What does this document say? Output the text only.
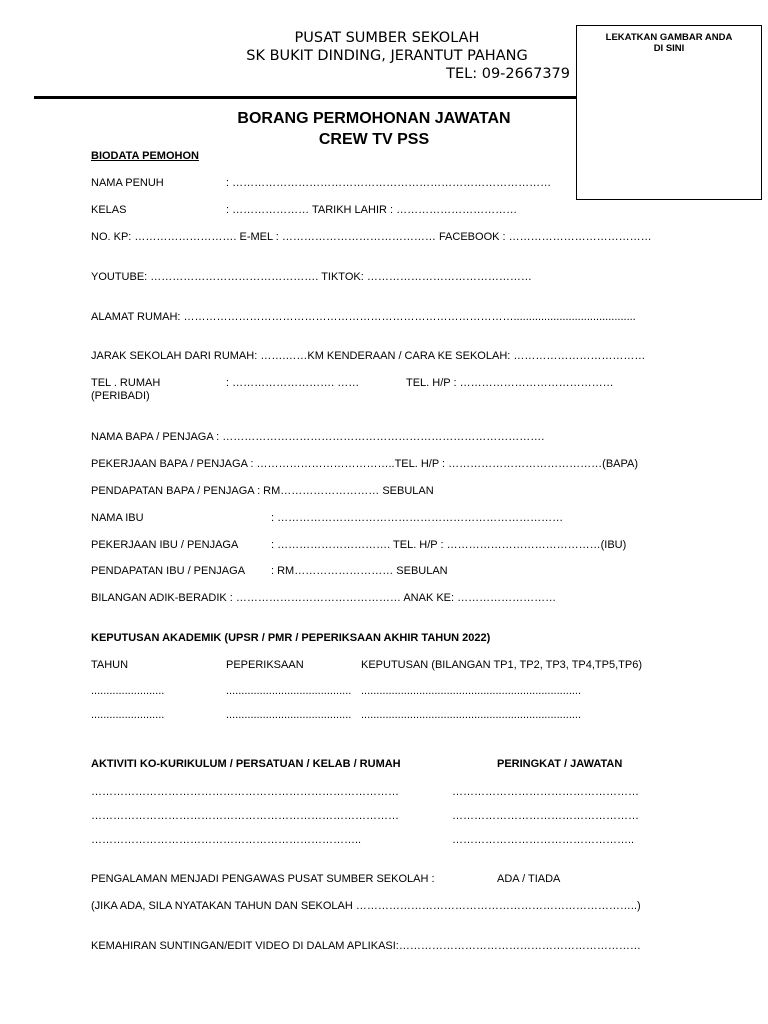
PUSAT SUMBER SEKOLAH
SK BUKIT DINDING, JERANTUT PAHANG
TEL: 09-2667379
LEKATKAN GAMBAR ANDA
DI SINI
BORANG PERMOHONAN JAWATAN
CREW TV PSS
BIODATA PEMOHON
NAMA PENUH	: ……………………………………………………………………………
KELAS	: ………………… TARIKH LAHIR : ……………………………
NO. KP: ………………………. E-MEL : …………………………………… FACEBOOK : …………………………………
YOUTUBE: ………………………………………. TIKTOK: ………………………………………
ALAMAT RUMAH: ………………………………………………………………………………........................................
JARAK SEKOLAH DARI RUMAH: …….……KM KENDERAAN / CARA KE SEKOLAH: ………………………………
TEL . RUMAH
(PERIBADI)
: ………………………. ……	TEL. H/P : ……………………………………
NAMA BAPA / PENJAGA : …………………………………………………………………………….
PEKERJAAN BAPA / PENJAGA : ………………………………..TEL. H/P : ……………………………………(BAPA)
PENDAPATAN BAPA / PENJAGA : RM……………………… SEBULAN
NAMA IBU	: ……………………………………………………………………
PEKERJAAN IBU / PENJAGA	: …………………………. TEL. H/P : ……………………………………(IBU)
PENDAPATAN IBU / PENJAGA : RM……………………… SEBULAN
BILANGAN ADIK-BERADIK : ……………………………………… ANAK KE: ………………………
KEPUTUSAN AKADEMIK (UPSR / PMR / PEPERIKSAAN AKHIR TAHUN 2022)
TAHUN	PEPERIKSAAN	KEPUTUSAN (BILANGAN TP1, TP2, TP3, TP4,TP5,TP6)
........................	......................................... ........................................................................
........................	......................................... ........................................................................
AKTIVITI KO-KURIKULUM / PERSATUAN / KELAB / RUMAH	PERINGKAT / JAWATAN
…………………………………………………………………………	……………………………………………
…………………………………………………………………………	……………………………………………
………………………………………………………………..	…………………………………………..
PENGALAMAN MENJADI PENGAWAS PUSAT SUMBER SEKOLAH :	ADA / TIADA
(JIKA ADA, SILA NYATAKAN TAHUN DAN SEKOLAH …………………………………………………………………..)
KEMAHIRAN SUNTINGAN/EDIT VIDEO DI DALAM APLIKASI:…………………………………………………………
